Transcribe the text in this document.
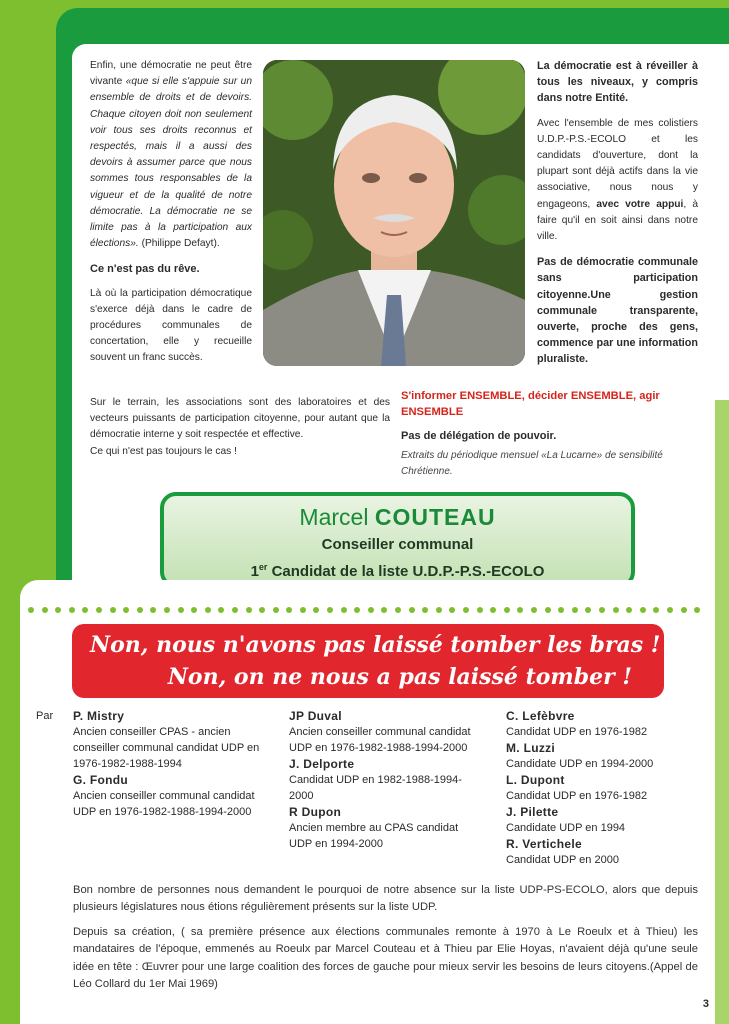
Enfin, une démocratie ne peut être vivante «que si elle s'appuie sur un ensemble de droits et de devoirs. Chaque citoyen doit non seulement voir tous ses droits reconnus et respectés, mais il a aussi des devoirs à assumer parce que nous sommes tous responsables de la vigueur et de la qualité de notre démocratie. La démocratie ne se limite pas à la participation aux élections». (Philippe Defayt).
Ce n'est pas du rêve.
Là où la participation démocratique s'exerce déjà dans le cadre de procédures communales de concertation, elle y recueille souvent un franc succès.
Sur le terrain, les associations sont des laboratoires et des vecteurs puissants de participation citoyenne, pour autant que la démocratie interne y soit respectée et effective.
Ce qui n'est pas toujours le cas !

La démocratie est à réveiller à tous les niveaux, y compris dans notre Entité.

Avec l'ensemble de mes colistiers U.D.P.-P.S.-ECOLO et les candidats d'ouverture, dont la plupart sont déjà actifs dans la vie associative, nous nous y engageons, avec votre appui, à faire qu'il en soit ainsi dans notre ville.

Pas de démocratie communale sans participation citoyenne.Une gestion communale transparente, ouverte, proche des gens, commence par une information pluraliste.

S'informer ENSEMBLE, décider ENSEMBLE, agir ENSEMBLE
Pas de délégation de pouvoir.
Extraits du périodique mensuel «La Lucarne» de sensibilité Chrétienne.
Marcel COUTEAU
Conseiller communal
1er Candidat de la liste U.D.P.-P.S.-ECOLO
Non, nous n'avons pas laissé tomber les bras !
Non, on ne nous a pas laissé tomber !
Par P. Mistry
Ancien conseiller CPAS - ancien conseiller communal candidat UDP en 1976-1982-1988-1994
G. Fondu
Ancien conseiller communal candidat UDP en 1976-1982-1988-1994-2000
JP Duval
Ancien conseiller communal candidat UDP en 1976-1982-1988-1994-2000
J. Delporte
Candidat UDP en 1982-1988-1994-2000
R Dupon
Ancien membre au CPAS candidat UDP en 1994-2000
C. Lefèbvre
Candidat UDP en 1976-1982
M. Luzzi
Candidate UDP en 1994-2000
L. Dupont
Candidat UDP en 1976-1982
J. Pilette
Candidate UDP en 1994
R. Vertichele
Candidat UDP en 2000
Bon nombre de personnes nous demandent le pourquoi de notre absence sur la liste UDP-PS-ECOLO, alors que depuis plusieurs législatures nous étions régulièrement présents sur la liste UDP.
Depuis sa création, ( sa première présence aux élections communales remonte à 1970 à Le Roeulx et à Thieu) les mandataires de l'époque, emmenés au Roeulx par Marcel Couteau et à Thieu par Elie Hoyas, n'avaient déjà qu'une seule idée en tête : Œuvrer pour une large coalition des forces de gauche pour mieux servir les besoins de leurs citoyens.(Appel de Léo Collard du 1er Mai 1969)
3
